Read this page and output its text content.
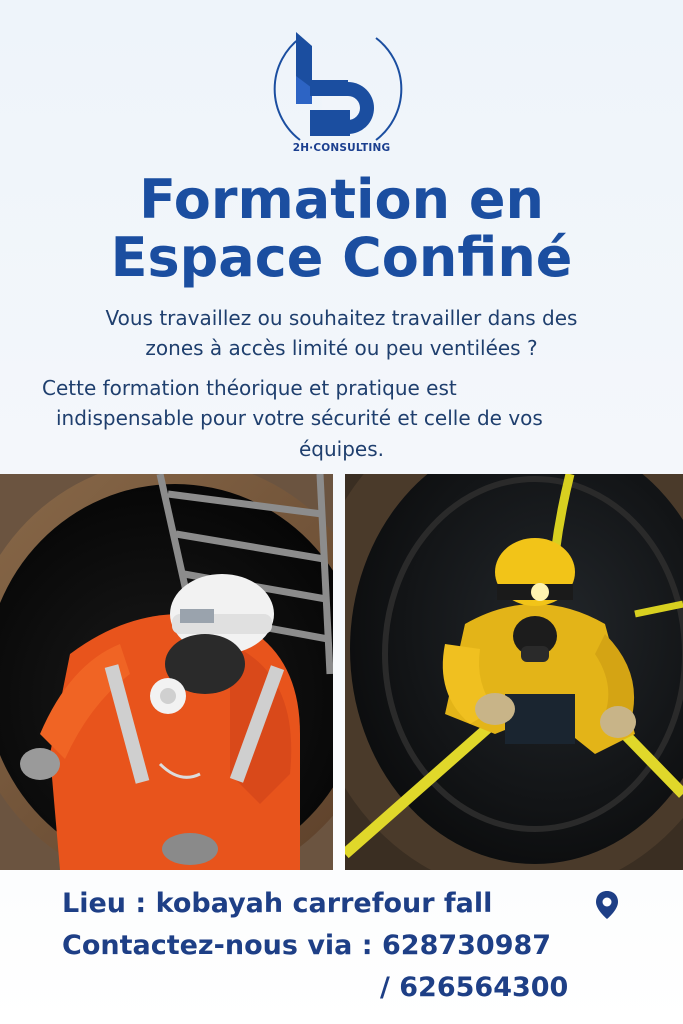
2H·CONSULTING
Formation en
Espace Confiné
Vous travaillez ou souhaitez travailler dans des
zones à accès limité ou peu ventilées ?
Cette formation théorique et pratique est
indispensable pour votre sécurité et celle de vos
équipes.
Lieu : kobayah carrefour fall
Contactez-nous via : 628730987
/ 626564300
